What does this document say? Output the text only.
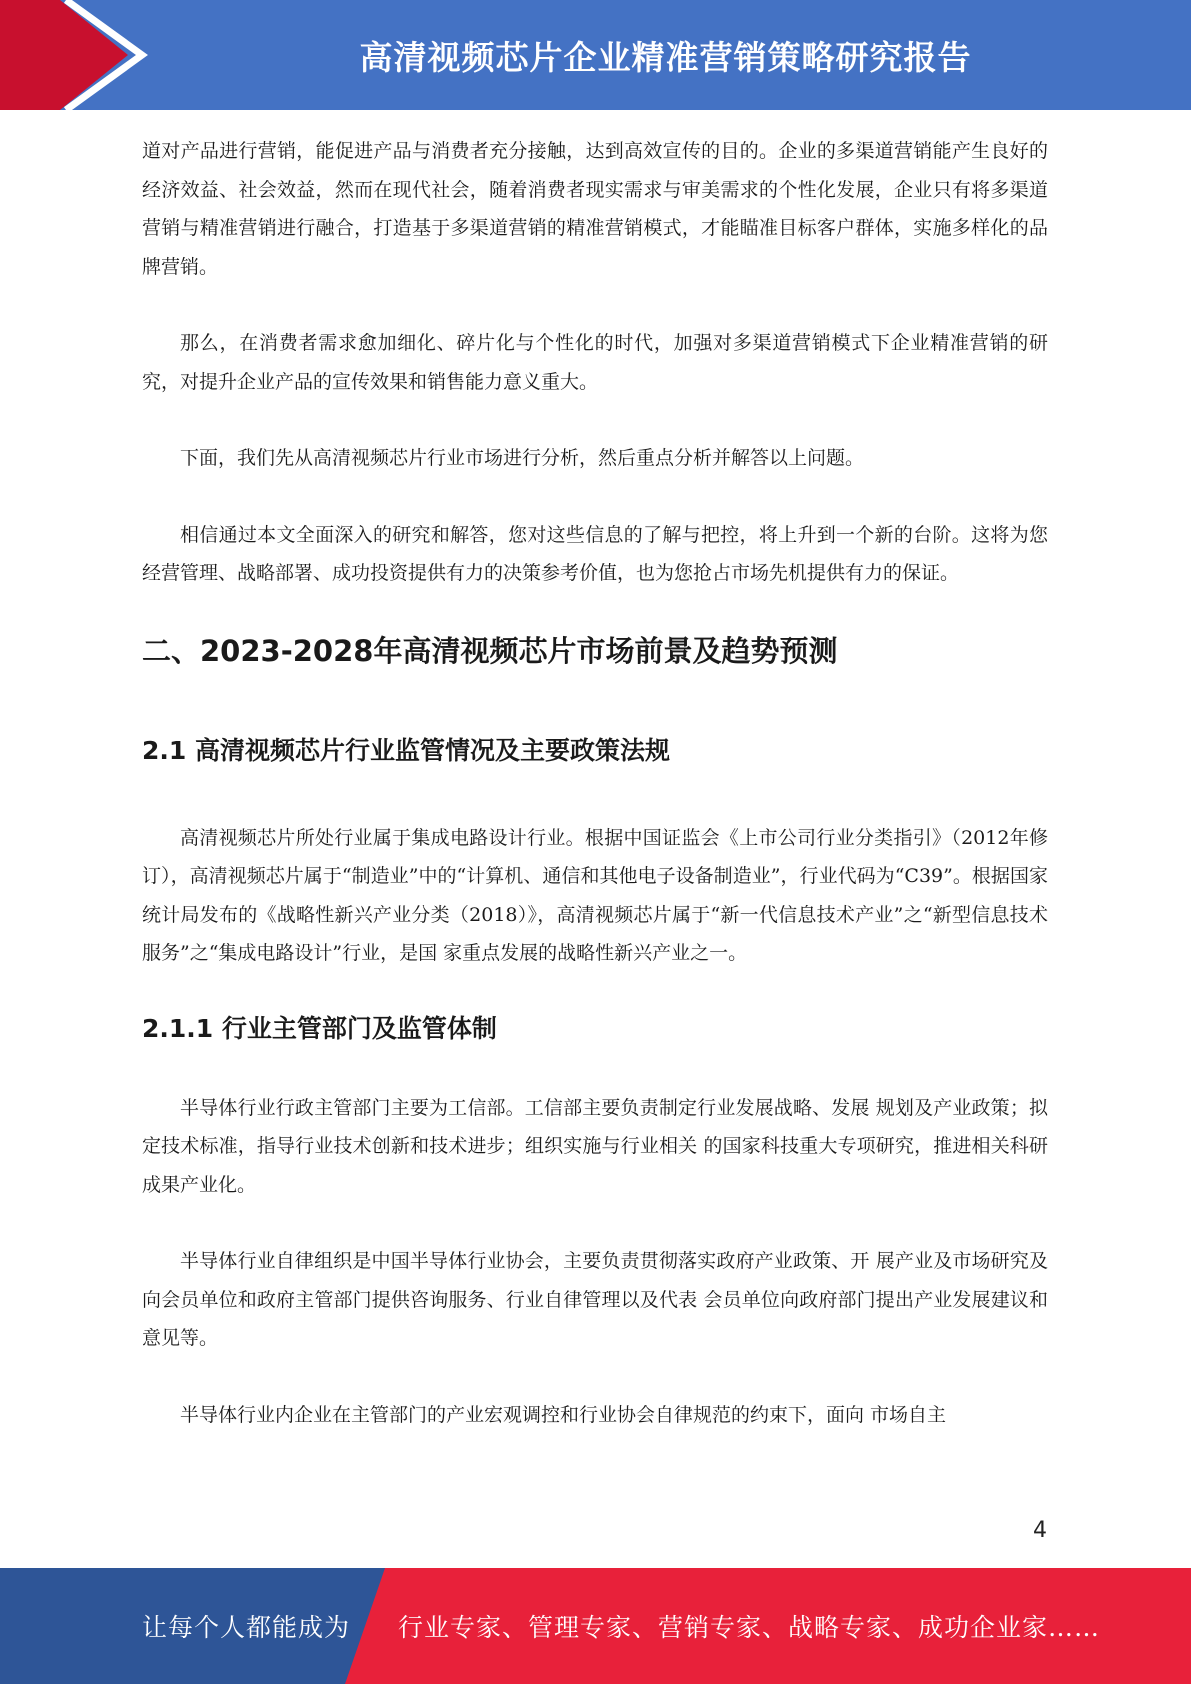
高清视频芯片企业精准营销策略研究报告

道对产品进行营销，能促进产品与消费者充分接触，达到高效宣传的目的。企业的多渠道营销能产生良好的经济效益、社会效益，然而在现代社会，随着消费者现实需求与审美需求的个性化发展，企业只有将多渠道营销与精准营销进行融合，打造基于多渠道营销的精准营销模式，才能瞄准目标客户群体，实施多样化的品牌营销。

那么，在消费者需求愈加细化、碎片化与个性化的时代，加强对多渠道营销模式下企业精准营销的研究，对提升企业产品的宣传效果和销售能力意义重大。

下面，我们先从高清视频芯片行业市场进行分析，然后重点分析并解答以上问题。

相信通过本文全面深入的研究和解答，您对这些信息的了解与把控，将上升到一个新的台阶。这将为您经营管理、战略部署、成功投资提供有力的决策参考价值，也为您抢占市场先机提供有力的保证。

二、2023-2028年高清视频芯片市场前景及趋势预测
2.1 高清视频芯片行业监管情况及主要政策法规

高清视频芯片所处行业属于集成电路设计行业。根据中国证监会《上市公司行业分类指引》（2012年修订），高清视频芯片属于“制造业”中的“计算机、通信和其他电子设备制造业”，行业代码为“C39”。根据国家统计局发布的《战略性新兴产业分类（2018）》，高清视频芯片属于“新一代信息技术产业”之“新型信息技术服务”之“集成电路设计”行业，是国 家重点发展的战略性新兴产业之一。

2.1.1 行业主管部门及监管体制

半导体行业行政主管部门主要为工信部。工信部主要负责制定行业发展战略、发展 规划及产业政策；拟定技术标准，指导行业技术创新和技术进步；组织实施与行业相关 的国家科技重大专项研究，推进相关科研成果产业化。

半导体行业自律组织是中国半导体行业协会，主要负责贯彻落实政府产业政策、开 展产业及市场研究及向会员单位和政府主管部门提供咨询服务、行业自律管理以及代表 会员单位向政府部门提出产业发展建议和意见等。

半导体行业内企业在主管部门的产业宏观调控和行业协会自律规范的约束下，面向 市场自主

4
让每个人都能成为 行业专家、管理专家、营销专家、战略专家、成功企业家……
